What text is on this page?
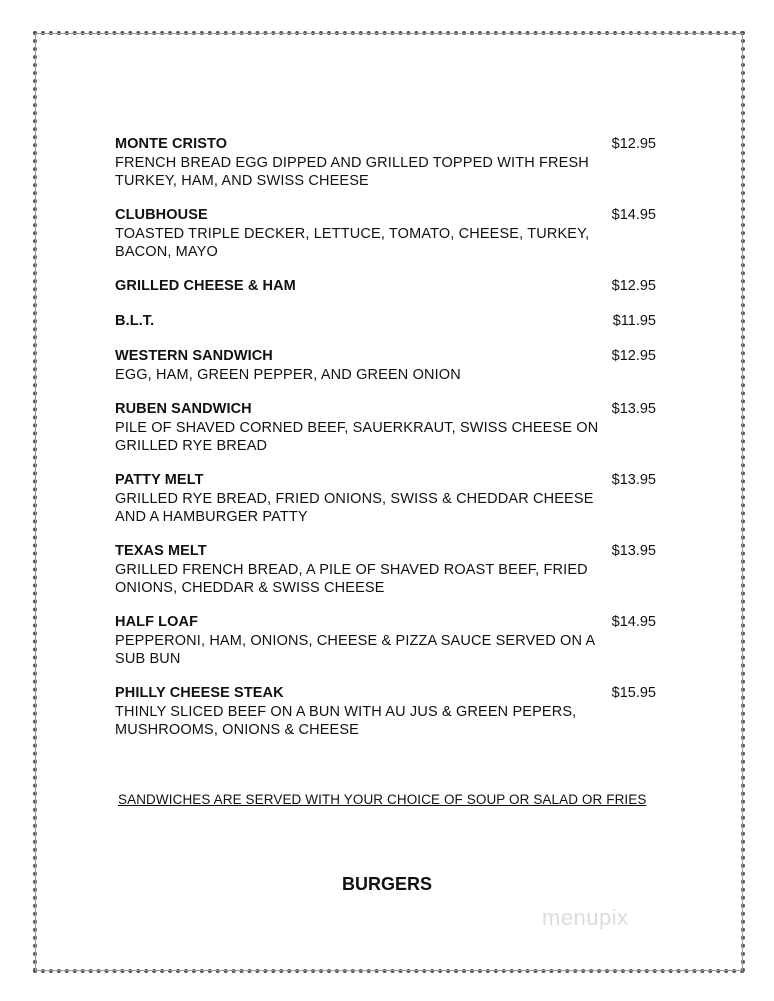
MONTE CRISTO	$12.95
FRENCH BREAD EGG DIPPED AND GRILLED TOPPED WITH FRESH TURKEY, HAM, AND SWISS CHEESE
CLUBHOUSE	$14.95
TOASTED TRIPLE DECKER, LETTUCE, TOMATO, CHEESE, TURKEY, BACON, MAYO
GRILLED CHEESE & HAM	$12.95
B.L.T.	$11.95
WESTERN SANDWICH	$12.95
EGG, HAM, GREEN PEPPER, AND GREEN ONION
RUBEN SANDWICH	$13.95
PILE OF SHAVED CORNED BEEF, SAUERKRAUT, SWISS CHEESE ON GRILLED RYE BREAD
PATTY MELT	$13.95
GRILLED RYE BREAD, FRIED ONIONS, SWISS & CHEDDAR CHEESE AND A HAMBURGER PATTY
TEXAS MELT	$13.95
GRILLED FRENCH BREAD, A PILE OF SHAVED ROAST BEEF, FRIED ONIONS, CHEDDAR & SWISS CHEESE
HALF LOAF	$14.95
PEPPERONI, HAM, ONIONS, CHEESE & PIZZA SAUCE SERVED ON A SUB BUN
PHILLY CHEESE STEAK	$15.95
THINLY SLICED BEEF ON A BUN WITH AU JUS & GREEN PEPERS, MUSHROOMS, ONIONS & CHEESE
SANDWICHES ARE SERVED WITH YOUR CHOICE OF SOUP OR SALAD OR FRIES
BURGERS
menupix
